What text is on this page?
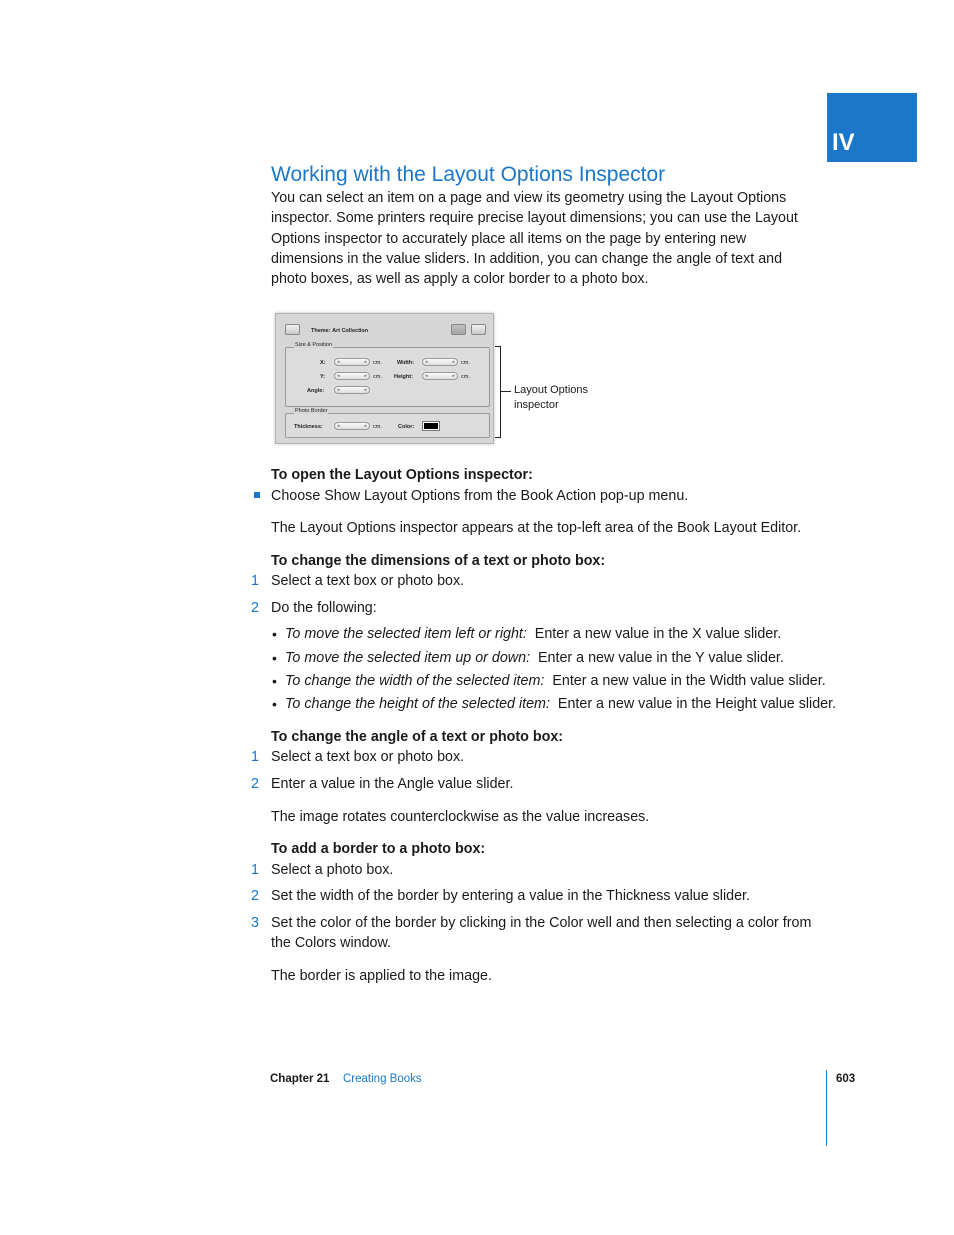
IV
Working with the Layout Options Inspector

You can select an item on a page and view its geometry using the Layout Options inspector. Some printers require precise layout dimensions; you can use the Layout Options inspector to accurately place all items on the page by entering new dimensions in the value sliders. In addition, you can change the angle of text and photo boxes, as well as apply a color border to a photo box.

Theme: Art Collection
Size & Position
X: ◂	▸ cm.
Y: ◂	▸ cm.
Angle:	◂	▸
Width: ◂	▸ cm.
Height: ◂	▸ cm.
Photo Border
Thickness:	◂	▸ cm.	Color:
Layout Options inspector

To open the Layout Options inspector:

Choose Show Layout Options from the Book Action pop-up menu.

The Layout Options inspector appears at the top-left area of the Book Layout Editor.

To change the dimensions of a text or photo box:

1 Select a text box or photo box.

2 Do the following:

• To move the selected item left or right: Enter a new value in the X value slider.

• To move the selected item up or down: Enter a new value in the Y value slider.

• To change the width of the selected item: Enter a new value in the Width value slider.

• To change the height of the selected item: Enter a new value in the Height value slider.

To change the angle of a text or photo box:

1 Select a text box or photo box.

2 Enter a value in the Angle value slider.

The image rotates counterclockwise as the value increases.

To add a border to a photo box:

1 Select a photo box.

2 Set the width of the border by entering a value in the Thickness value slider.

3 Set the color of the border by clicking in the Color well and then selecting a color from the Colors window.

The border is applied to the image.

Chapter 21 Creating Books	603
